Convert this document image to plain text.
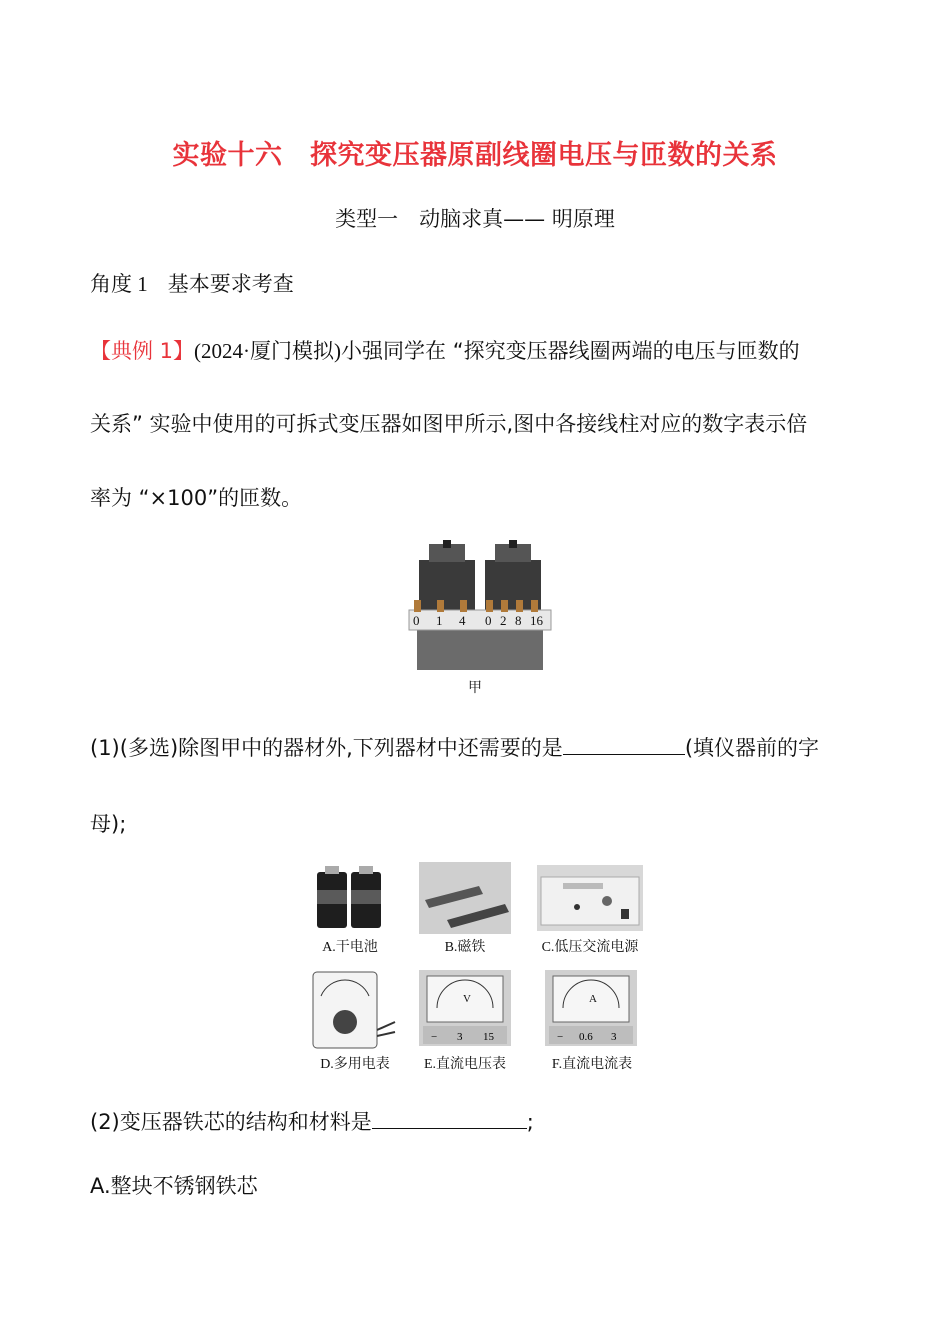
实验十六　探究变压器原副线圈电压与匝数的关系
类型一　动脑求真—— 明原理
角度 1 基本要求考查
【典例 1】(2024·厦门模拟)小强同学在 “探究变压器线圈两端的电压与匝数的
关系” 实验中使用的可拆式变压器如图甲所示,图中各接线柱对应的数字表示倍
率为 “×100”的匝数。
0 1 4 0 2 8 16
甲
(1)(多选)除图甲中的器材外,下列器材中还需要的是	(填仪器前的字
母);
A.干电池	B.磁铁	C.低压交流电源
D.多用电表
V
− 3 15
E.直流电压表
A
− 0.6 3
F.直流电流表
(2)变压器铁芯的结构和材料是	;
A.整块不锈钢铁芯
